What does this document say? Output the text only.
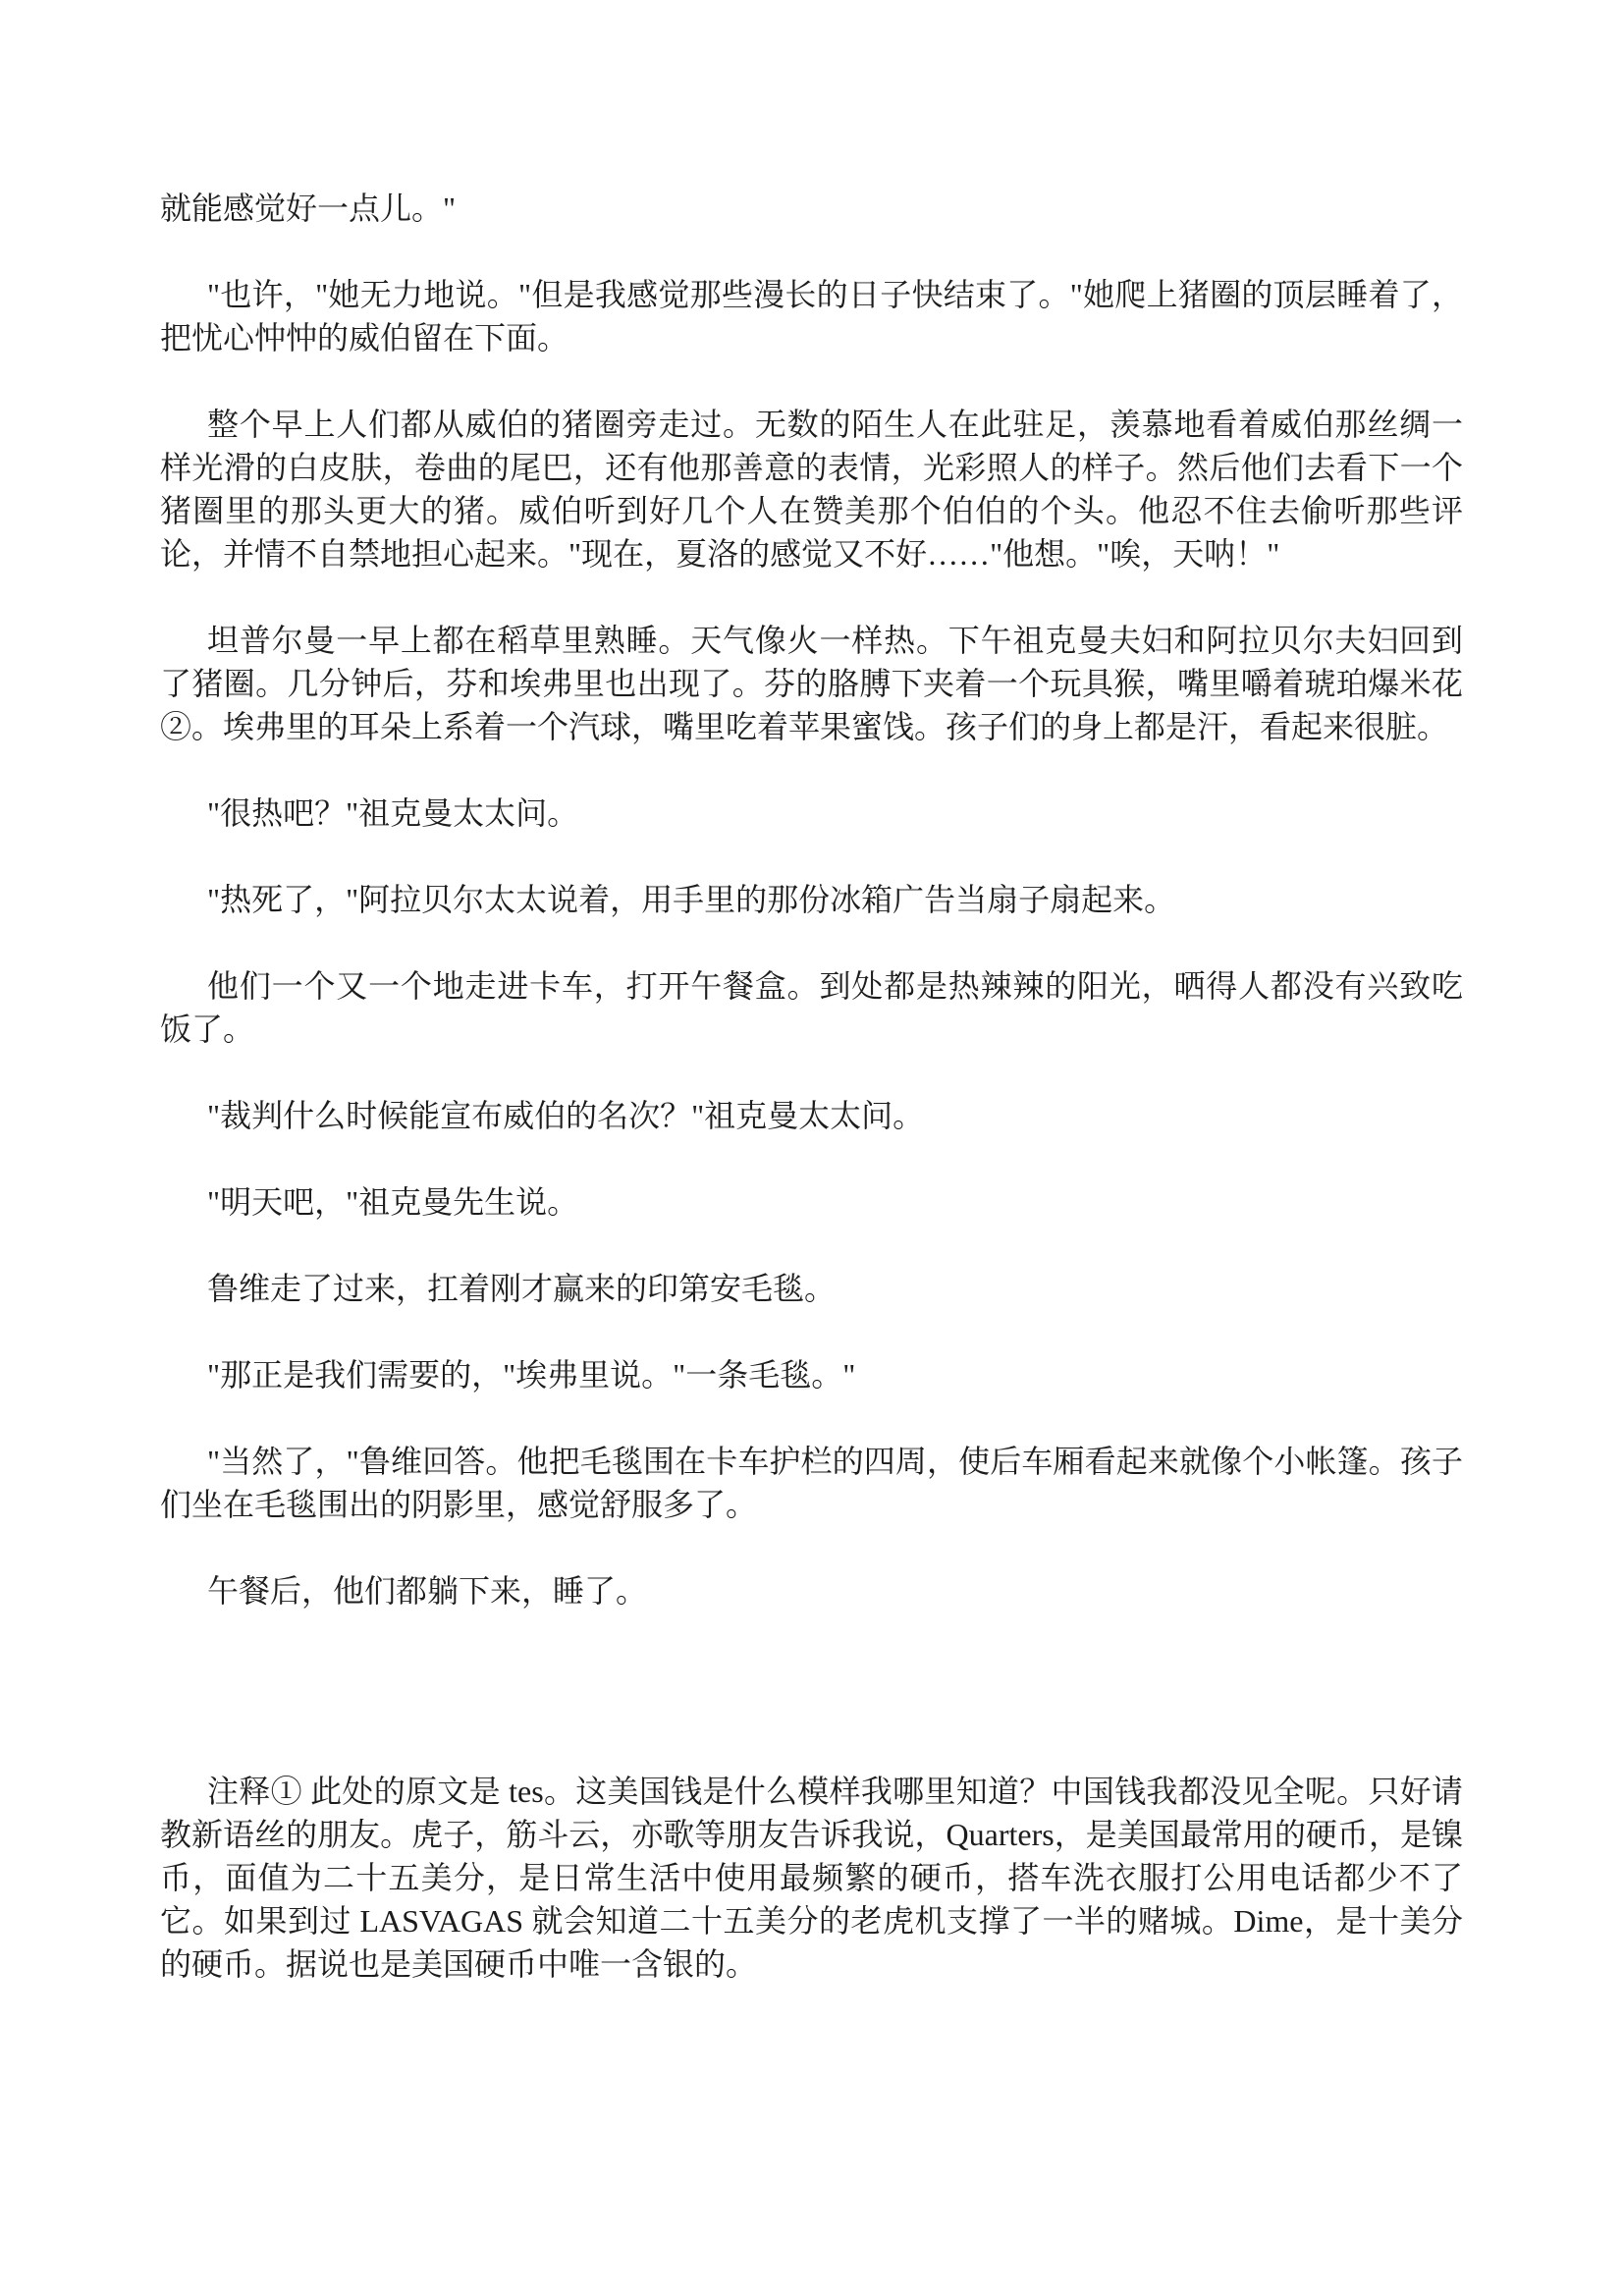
就能感觉好一点儿。"

"也许，"她无力地说。"但是我感觉那些漫长的日子快结束了。"她爬上猪圈的顶层睡着了，把忧心忡忡的威伯留在下面。

整个早上人们都从威伯的猪圈旁走过。无数的陌生人在此驻足，羡慕地看着威伯那丝绸一样光滑的白皮肤，卷曲的尾巴，还有他那善意的表情，光彩照人的样子。然后他们去看下一个猪圈里的那头更大的猪。威伯听到好几个人在赞美那个伯伯的个头。他忍不住去偷听那些评论，并情不自禁地担心起来。"现在，夏洛的感觉又不好……"他想。"唉，天呐！"

坦普尔曼一早上都在稻草里熟睡。天气像火一样热。下午祖克曼夫妇和阿拉贝尔夫妇回到了猪圈。几分钟后，芬和埃弗里也出现了。芬的胳膊下夹着一个玩具猴，嘴里嚼着琥珀爆米花②。埃弗里的耳朵上系着一个汽球，嘴里吃着苹果蜜饯。孩子们的身上都是汗，看起来很脏。

"很热吧？"祖克曼太太问。

"热死了，"阿拉贝尔太太说着，用手里的那份冰箱广告当扇子扇起来。

他们一个又一个地走进卡车，打开午餐盒。到处都是热辣辣的阳光，晒得人都没有兴致吃饭了。

"裁判什么时候能宣布威伯的名次？"祖克曼太太问。

"明天吧，"祖克曼先生说。

鲁维走了过来，扛着刚才赢来的印第安毛毯。

"那正是我们需要的，"埃弗里说。"一条毛毯。"

"当然了，"鲁维回答。他把毛毯围在卡车护栏的四周，使后车厢看起来就像个小帐篷。孩子们坐在毛毯围出的阴影里，感觉舒服多了。

午餐后，他们都躺下来，睡了。

注释① 此处的原文是 tes。这美国钱是什么模样我哪里知道？中国钱我都没见全呢。只好请教新语丝的朋友。虎子，筋斗云，亦歌等朋友告诉我说，Quarters，是美国最常用的硬币，是镍币，面值为二十五美分，是日常生活中使用最频繁的硬币，搭车洗衣服打公用电话都少不了它。如果到过 LASVAGAS 就会知道二十五美分的老虎机支撑了一半的赌城。Dime，是十美分的硬币。据说也是美国硬币中唯一含银的。
